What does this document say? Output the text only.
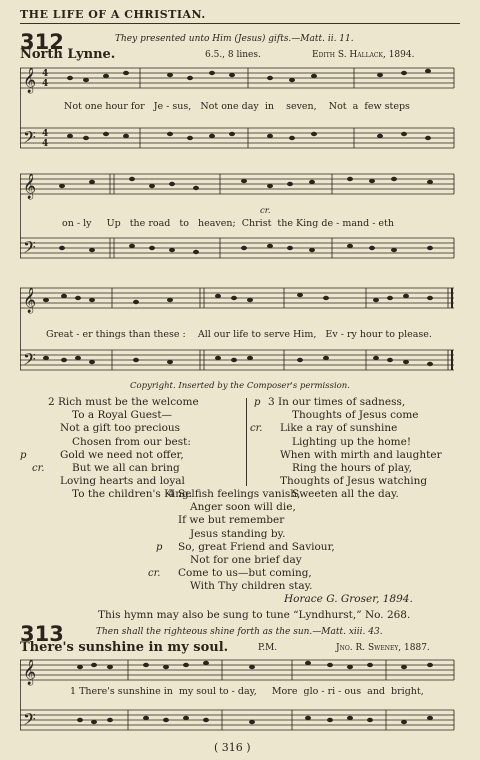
THE LIFE OF A CHRISTIAN.
312	They presented unto Him (Jesus) gifts.—Matt. ii. 11.
North Lynne.	6.5., 8 lines.	Edith S. Hallack, 1894.
𝄞
𝄢
4
4
4
4
Not one hour for   Je - sus,   Not one day  in    seven,    Not  a  few steps
𝄞
𝄢
cr.
on - ly     Up   the road   to   heaven;  Christ  the King de - mand - eth
𝄞
𝄢
Great - er things than these :    All our life to serve Him,   Ev - ry hour to please.
Copyright. Inserted by the Composer's permission.
2 Rich must be the welcome
To a Royal Guest—
Not a gift too precious
Chosen from our best:
p	Gold we need not offer,
cr.	But we all can bring
Loving hearts and loyal
To the children's King.
p 3 In our times of sadness,
Thoughts of Jesus come
cr. Like a ray of sunshine
Lighting up the home!
When with mirth and laughter
Ring the hours of play,
Thoughts of Jesus watching
Sweeten all the day.
4 Selfish feelings vanish,
Anger soon will die,
If we but remember
Jesus standing by.
p So, great Friend and Saviour,
Not for one brief day
cr. Come to us—but coming,
With Thy children stay.
Horace G. Groser, 1894.
This hymn may also be sung to tune “Lyndhurst,” No. 268.
313	Then shall the righteous shine forth as the sun.—Matt. xiii. 43.
There's sunshine in my soul.	P.M.	Jno. R. Sweney, 1887.
𝄞
𝄢
1 There's sunshine in  my soul to - day,     More  glo - ri - ous  and  bright,
( 316 )
